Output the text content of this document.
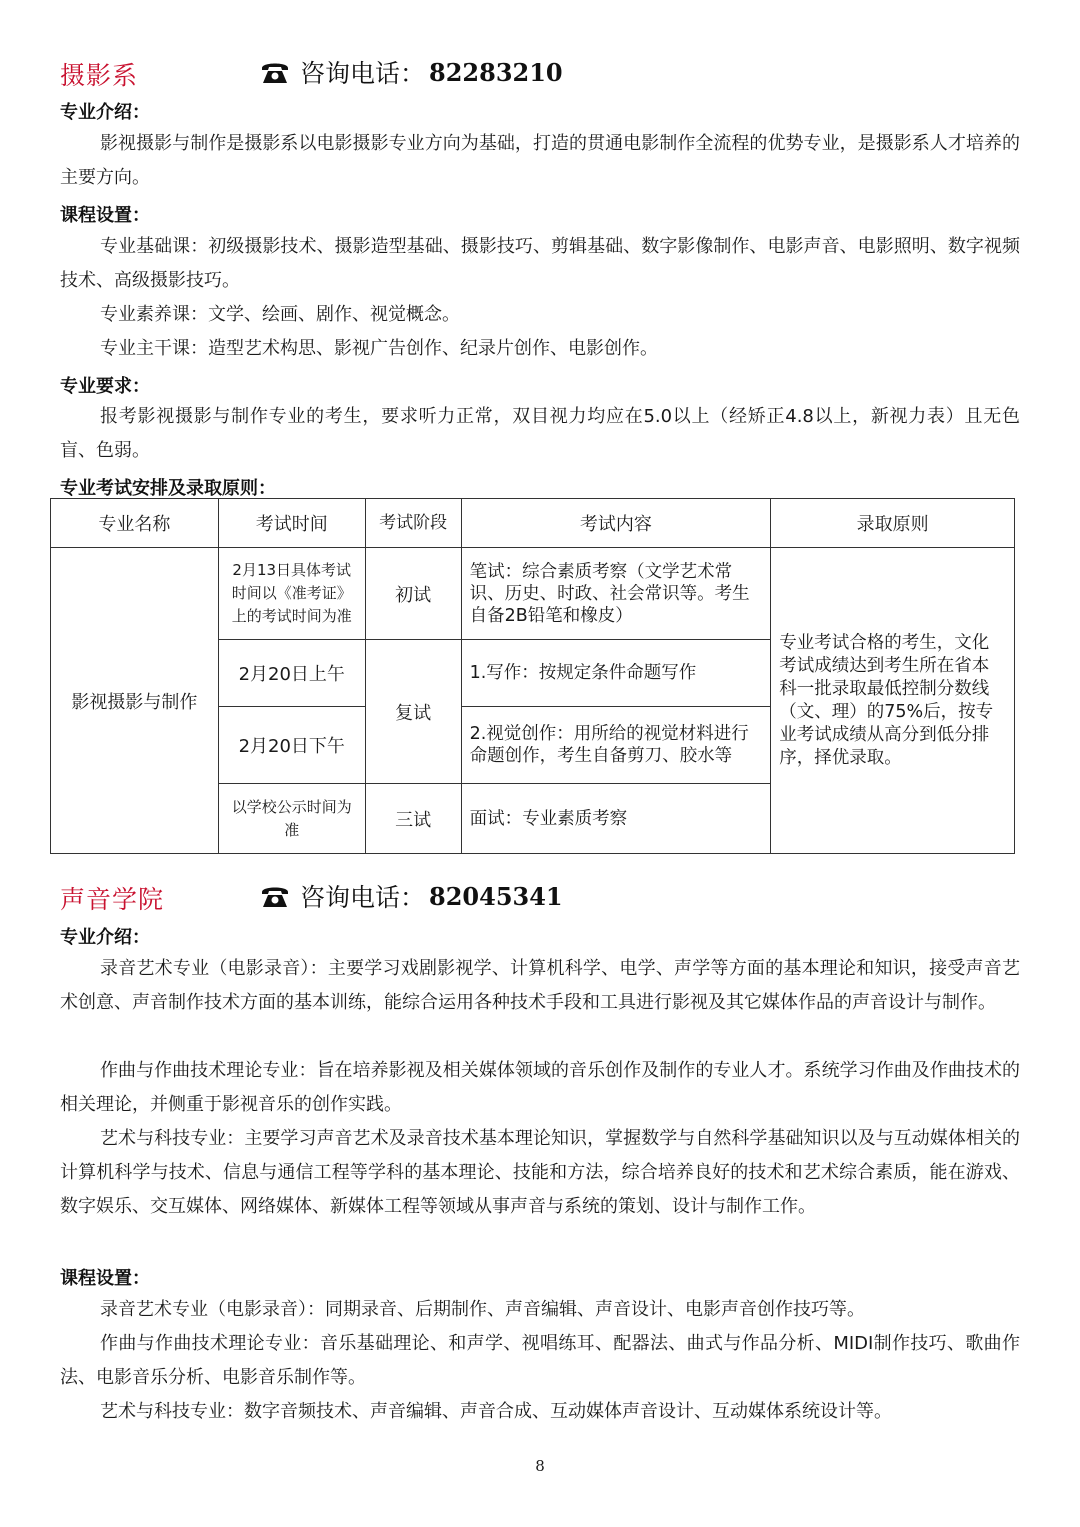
摄影系	咨询电话： 82283210
专业介绍：

影视摄影与制作是摄影系以电影摄影专业方向为基础，打造的贯通电影制作全流程的优势专业，是摄影系人才培养的主要方向。

课程设置：

专业基础课：初级摄影技术、摄影造型基础、摄影技巧、剪辑基础、数字影像制作、电影声音、电影照明、数字视频技术、高级摄影技巧。

专业素养课：文学、绘画、剧作、视觉概念。

专业主干课：造型艺术构思、影视广告创作、纪录片创作、电影创作。

专业要求：

报考影视摄影与制作专业的考生，要求听力正常，双目视力均应在5.0以上（经矫正4.8以上，新视力表）且无色盲、色弱。

专业考试安排及录取原则：
专业名称	考试时间	考试阶段	考试内容	录取原则
影视摄影与制作	2月13日具体考试时间以《准考证》上的考试时间为准	初试	笔试：综合素质考察（文学艺术常识、历史、时政、社会常识等。考生自备2B铅笔和橡皮）	专业考试合格的考生，文化考试成绩达到考生所在省本科一批录取最低控制分数线（文、理）的75%后，按专业考试成绩从高分到低分排序，择优录取。
	2月20日上午	复试	1.写作：按规定条件命题写作	
	2月20日下午		2.视觉创作：用所给的视觉材料进行命题创作，考生自备剪刀、胶水等	
	以学校公示时间为准	三试	面试：专业素质考察	
声音学院	咨询电话： 82045341
专业介绍：

录音艺术专业（电影录音）：主要学习戏剧影视学、计算机科学、电学、声学等方面的基本理论和知识，接受声音艺术创意、声音制作技术方面的基本训练，能综合运用各种技术手段和工具进行影视及其它媒体作品的声音设计与制作。

作曲与作曲技术理论专业：旨在培养影视及相关媒体领域的音乐创作及制作的专业人才。系统学习作曲及作曲技术的相关理论，并侧重于影视音乐的创作实践。

艺术与科技专业：主要学习声音艺术及录音技术基本理论知识，掌握数学与自然科学基础知识以及与互动媒体相关的计算机科学与技术、信息与通信工程等学科的基本理论、技能和方法，综合培养良好的技术和艺术综合素质，能在游戏、数字娱乐、交互媒体、网络媒体、新媒体工程等领域从事声音与系统的策划、设计与制作工作。

课程设置：

录音艺术专业（电影录音）：同期录音、后期制作、声音编辑、声音设计、电影声音创作技巧等。

作曲与作曲技术理论专业：音乐基础理论、和声学、视唱练耳、配器法、曲式与作品分析、MIDI制作技巧、歌曲作法、电影音乐分析、电影音乐制作等。

艺术与科技专业：数字音频技术、声音编辑、声音合成、互动媒体声音设计、互动媒体系统设计等。

8
